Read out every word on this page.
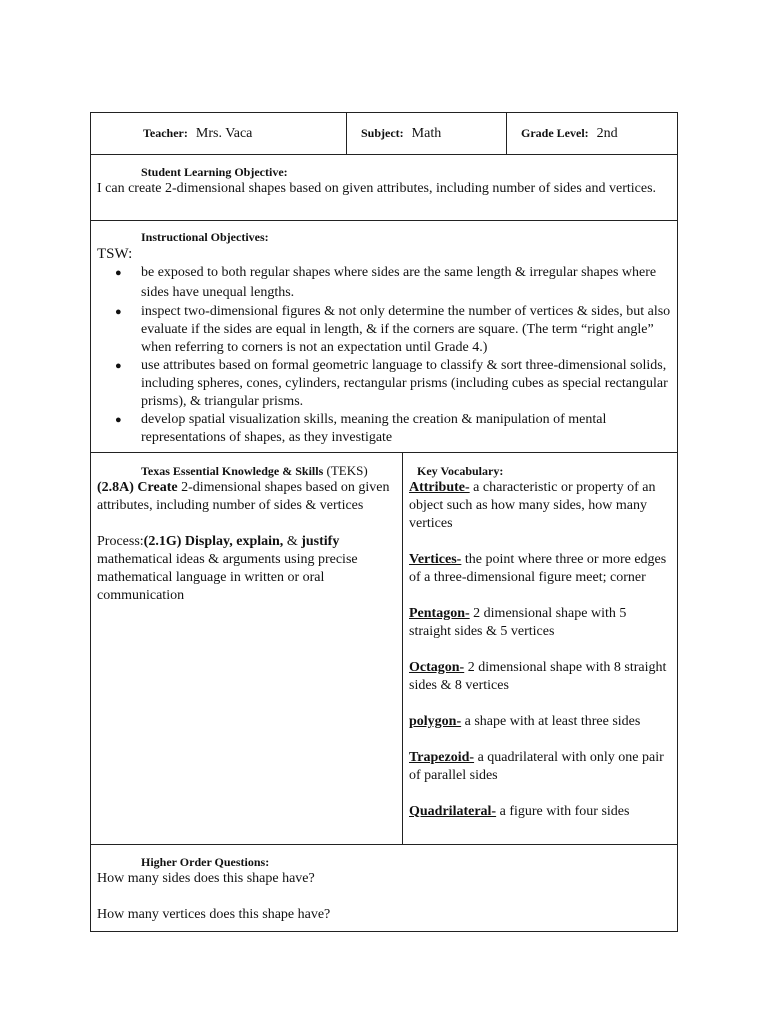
Teacher: Mrs. Vaca	Subject: Math	Grade Level: 2nd
Student Learning Objective:
I can create 2-dimensional shapes based on given attributes, including number of sides and vertices.
Instructional Objectives:
TSW:
● be exposed to both regular shapes where sides are the same length & irregular shapes where sides have unequal lengths.
● inspect two-dimensional figures & not only determine the number of vertices & sides, but also evaluate if the sides are equal in length, & if the corners are square. (The term “right angle” when referring to corners is not an expectation until Grade 4.)
● use attributes based on formal geometric language to classify & sort three-dimensional solids, including spheres, cones, cylinders, rectangular prisms (including cubes as special rectangular prisms), & triangular prisms.
● develop spatial visualization skills, meaning the creation & manipulation of mental representations of shapes, as they investigate
Texas Essential Knowledge & Skills (TEKS)
(2.8A) Create 2-dimensional shapes based on given attributes, including number of sides & vertices
Process:(2.1G) Display, explain, & justify mathematical ideas & arguments using precise mathematical language in written or oral communication
Key Vocabulary:
Attribute- a characteristic or property of an object such as how many sides, how many vertices
Vertices- the point where three or more edges of a three-dimensional figure meet; corner
Pentagon- 2 dimensional shape with 5 straight sides & 5 vertices
Octagon- 2 dimensional shape with 8 straight sides & 8 vertices
polygon- a shape with at least three sides
Trapezoid- a quadrilateral with only one pair of parallel sides
Quadrilateral- a figure with four sides
Higher Order Questions:
How many sides does this shape have?
How many vertices does this shape have?
